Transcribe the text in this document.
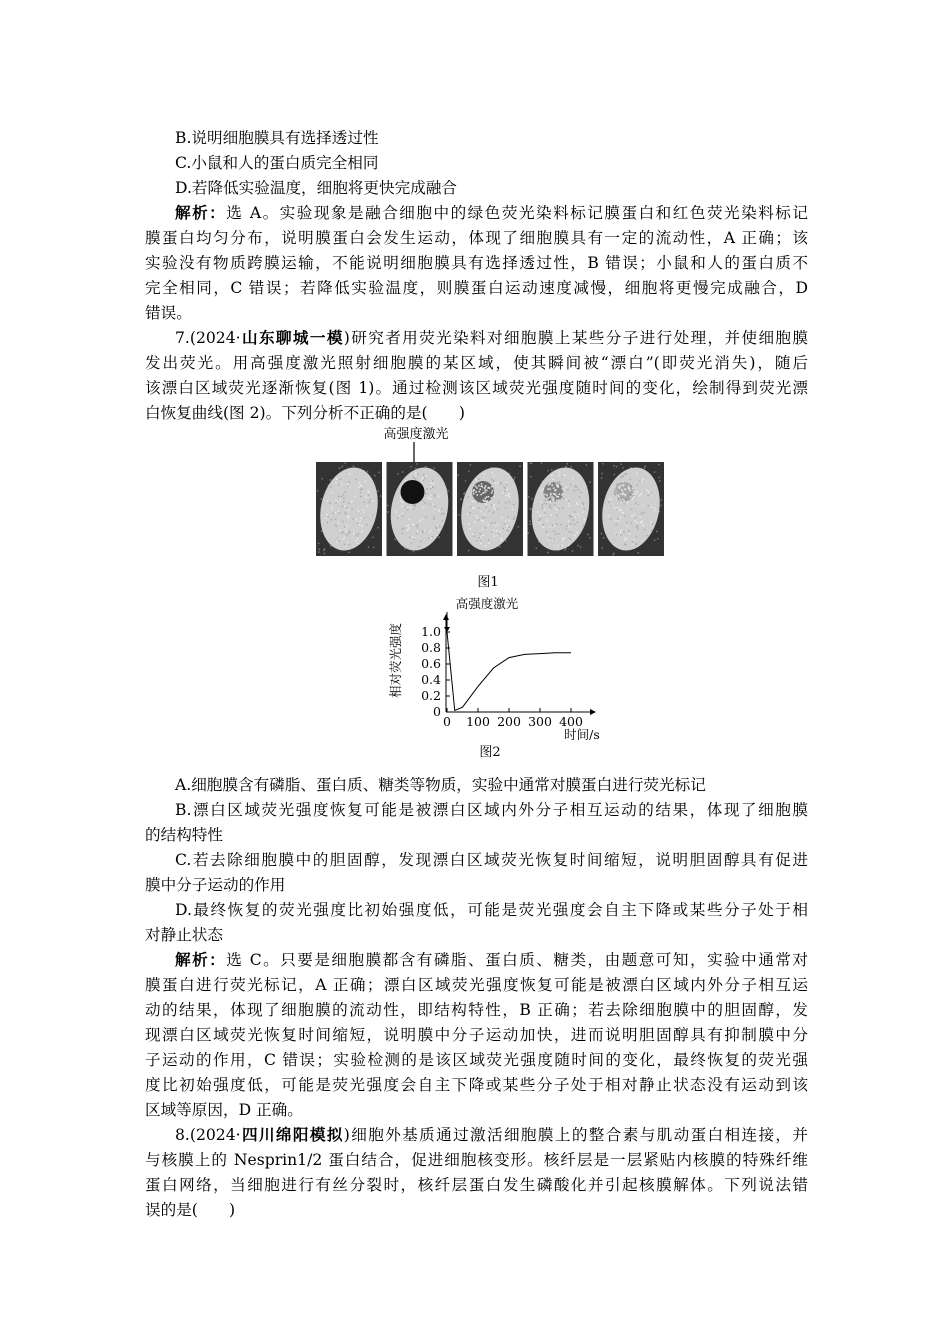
B.说明细胞膜具有选择透过性
C.小鼠和人的蛋白质完全相同
D.若降低实验温度，细胞将更快完成融合
解析：选 A。实验现象是融合细胞中的绿色荧光染料标记膜蛋白和红色荧光染料标记
膜蛋白均匀分布，说明膜蛋白会发生运动，体现了细胞膜具有一定的流动性，A 正确；该
实验没有物质跨膜运输，不能说明细胞膜具有选择透过性，B 错误；小鼠和人的蛋白质不
完全相同，C 错误；若降低实验温度，则膜蛋白运动速度减慢，细胞将更慢完成融合，D
错误。
7.(2024·山东聊城一模)研究者用荧光染料对细胞膜上某些分子进行处理，并使细胞膜
发出荧光。用高强度激光照射细胞膜的某区域，使其瞬间被“漂白”(即荧光消失)，随后
该漂白区域荧光逐渐恢复(图 1)。通过检测该区域荧光强度随时间的变化，绘制得到荧光漂
白恢复曲线(图 2)。下列分析不正确的是(　　)
A.细胞膜含有磷脂、蛋白质、糖类等物质，实验中通常对膜蛋白进行荧光标记
B.漂白区域荧光强度恢复可能是被漂白区域内外分子相互运动的结果，体现了细胞膜
的结构特性
C.若去除细胞膜中的胆固醇，发现漂白区域荧光恢复时间缩短，说明胆固醇具有促进
膜中分子运动的作用
D.最终恢复的荧光强度比初始强度低，可能是荧光强度会自主下降或某些分子处于相
对静止状态
解析：选 C。只要是细胞膜都含有磷脂、蛋白质、糖类，由题意可知，实验中通常对
膜蛋白进行荧光标记，A 正确；漂白区域荧光强度恢复可能是被漂白区域内外分子相互运
动的结果，体现了细胞膜的流动性，即结构特性，B 正确；若去除细胞膜中的胆固醇，发
现漂白区域荧光恢复时间缩短，说明膜中分子运动加快，进而说明胆固醇具有抑制膜中分
子运动的作用，C 错误；实验检测的是该区域荧光强度随时间的变化，最终恢复的荧光强
度比初始强度低，可能是荧光强度会自主下降或某些分子处于相对静止状态没有运动到该
区域等原因，D 正确。
8.(2024·四川绵阳模拟)细胞外基质通过激活细胞膜上的整合素与肌动蛋白相连接，并
与核膜上的 Nesprin1/2 蛋白结合，促进细胞核变形。核纤层是一层紧贴内核膜的特殊纤维
蛋白网络，当细胞进行有丝分裂时，核纤层蛋白发生磷酸化并引起核膜解体。下列说法错
误的是(　　)
高强度激光
图1
高强度激光
0
0.2
0.4
0.6
0.8
1.0
0 100 200 300 400
时间/s
相对荧光强度
图2
